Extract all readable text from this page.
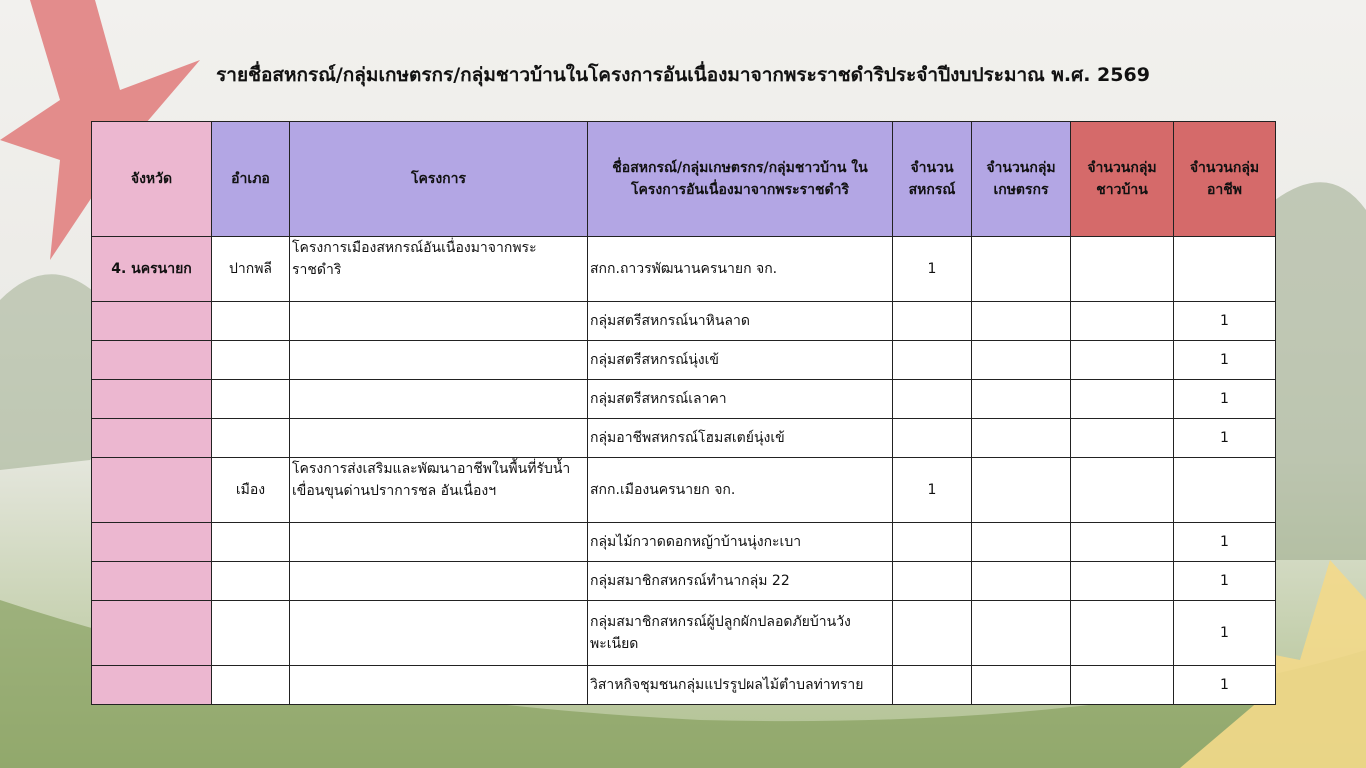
รายชื่อสหกรณ์/กลุ่มเกษตรกร/กลุ่มชาวบ้านในโครงการอันเนื่องมาจากพระราชดำริประจำปีงบประมาณ พ.ศ. 2569
จังหวัด	อำเภอ	โครงการ	ชื่อสหกรณ์/กลุ่มเกษตรกร/กลุ่มชาวบ้าน ในโครงการอันเนื่องมาจากพระราชดำริ	จำนวน สหกรณ์	จำนวนกลุ่ม เกษตรกร	จำนวนกลุ่ม ชาวบ้าน	จำนวนกลุ่ม อาชีพ
4. นครนายก	ปากพลี	โครงการเมืองสหกรณ์อันเนื่องมาจากพระราชดำริ	สกก.ถาวรพัฒนานครนายก จก.	1			
			กลุ่มสตรีสหกรณ์นาหินลาด				1
			กลุ่มสตรีสหกรณ์นุ่งเข้				1
			กลุ่มสตรีสหกรณ์เลาคา				1
			กลุ่มอาชีพสหกรณ์โฮมสเตย์นุ่งเข้				1
	เมือง	โครงการส่งเสริมและพัฒนาอาชีพในพื้นที่รับน้ำเขื่อนขุนด่านปราการชล อันเนื่องฯ	สกก.เมืองนครนายก จก.	1			
			กลุ่มไม้กวาดดอกหญ้าบ้านนุ่งกะเบา				1
			กลุ่มสมาชิกสหกรณ์ทำนากลุ่ม 22				1
			กลุ่มสมาชิกสหกรณ์ผู้ปลูกผักปลอดภัยบ้านวังพะเนียด				1
			วิสาหกิจชุมชนกลุ่มแปรรูปผลไม้ตำบลท่าทราย				1
